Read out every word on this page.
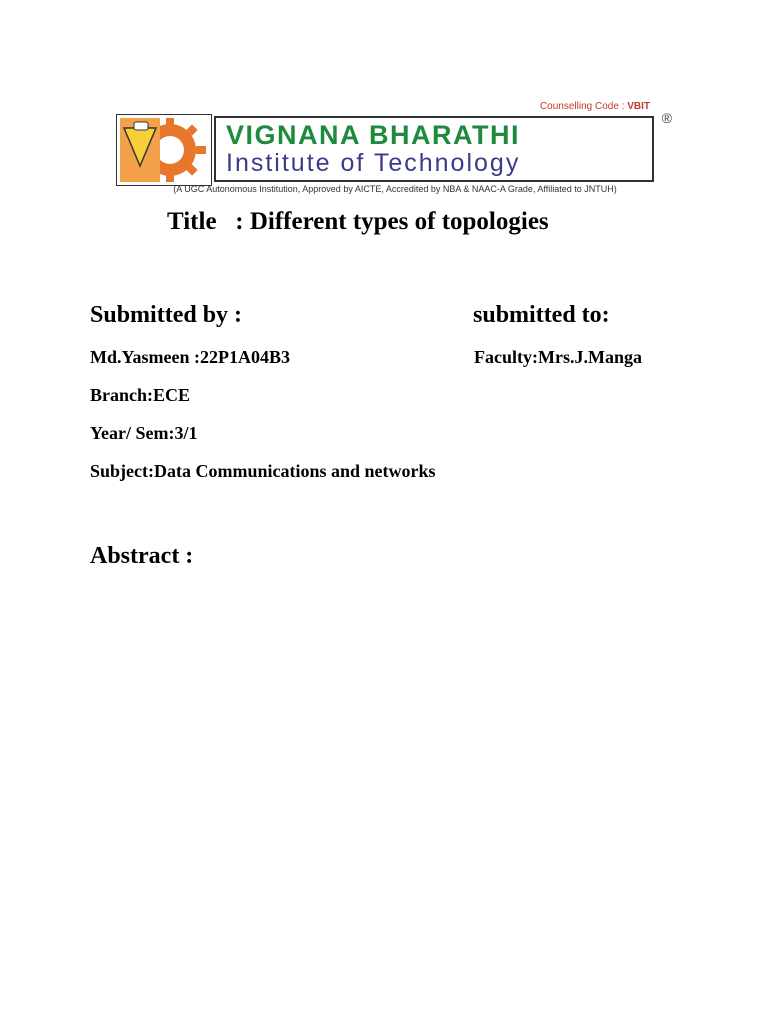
Counselling Code : VBIT
®
VIGNANA BHARATHI
Institute of Technology
(A UGC Autonomous Institution, Approved by AICTE, Accredited by NBA & NAAC-A Grade, Affiliated to JNTUH)
Title   : Different types of topologies
Submitted by :	submitted to:
Md.Yasmeen :22P1A04B3	Faculty:Mrs.J.Manga
Branch:ECE
Year/ Sem:3/1
Subject:Data Communications and networks
Abstract :
